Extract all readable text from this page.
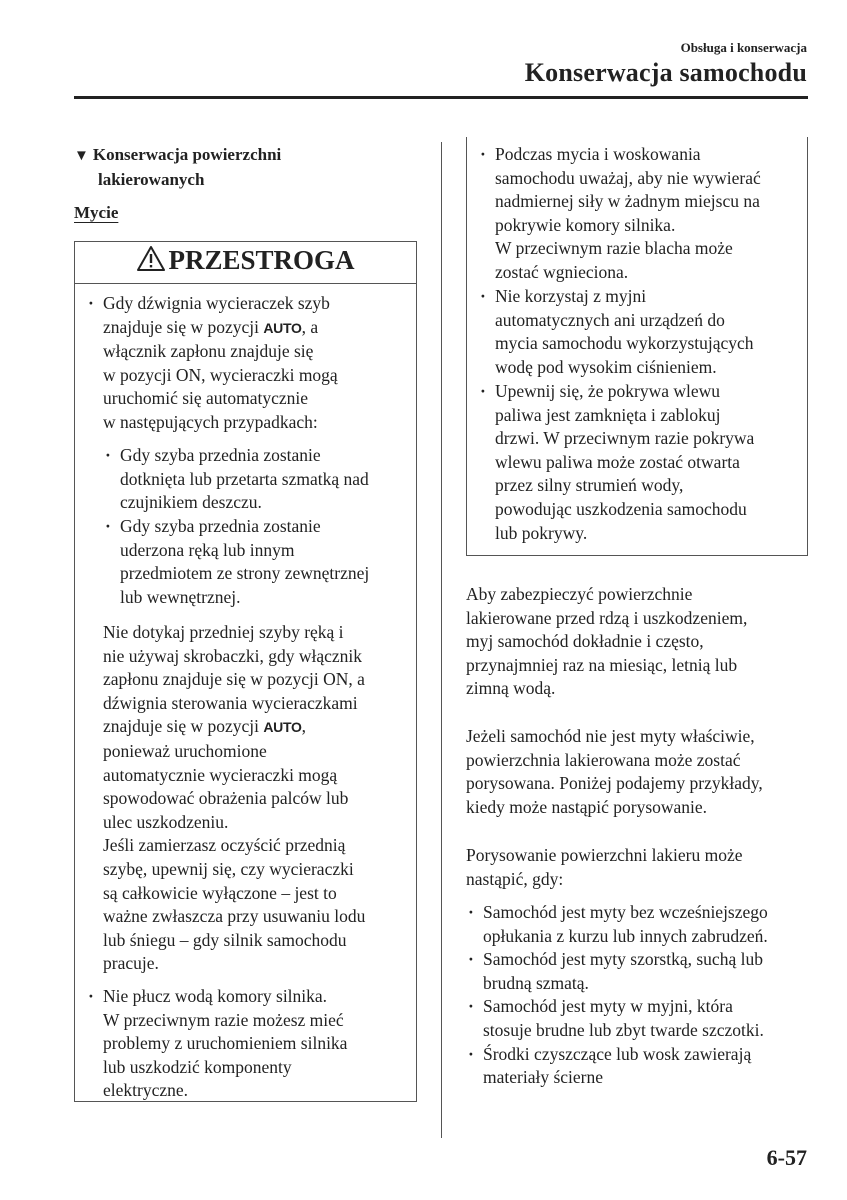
Obsługa i konserwacja
Konserwacja samochodu
▼ Konserwacja powierzchni
lakierowanych
Mycie
PRZESTROGA

· Gdy dźwignia wycieraczek szyb

znajduje się w pozycji AUTO, a

włącznik zapłonu znajduje się

w pozycji ON, wycieraczki mogą

uruchomić się automatycznie

w następujących przypadkach:

· Gdy szyba przednia zostanie

dotknięta lub przetarta szmatką nad

czujnikiem deszczu.

· Gdy szyba przednia zostanie

uderzona ręką lub innym

przedmiotem ze strony zewnętrznej

lub wewnętrznej.

Nie dotykaj przedniej szyby ręką i

nie używaj skrobaczki, gdy włącznik

zapłonu znajduje się w pozycji ON, a

dźwignia sterowania wycieraczkami

znajduje się w pozycji AUTO,

ponieważ uruchomione

automatycznie wycieraczki mogą

spowodować obrażenia palców lub

ulec uszkodzeniu.

Jeśli zamierzasz oczyścić przednią

szybę, upewnij się, czy wycieraczki

są całkowicie wyłączone – jest to

ważne zwłaszcza przy usuwaniu lodu

lub śniegu – gdy silnik samochodu

pracuje.

· Nie płucz wodą komory silnika.

W przeciwnym razie możesz mieć

problemy z uruchomieniem silnika

lub uszkodzić komponenty

elektryczne.

· Podczas mycia i woskowania

samochodu uważaj, aby nie wywierać

nadmiernej siły w żadnym miejscu na

pokrywie komory silnika.

W przeciwnym razie blacha może

zostać wgnieciona.

· Nie korzystaj z myjni

automatycznych ani urządzeń do

mycia samochodu wykorzystujących

wodę pod wysokim ciśnieniem.

· Upewnij się, że pokrywa wlewu

paliwa jest zamknięta i zablokuj

drzwi. W przeciwnym razie pokrywa

wlewu paliwa może zostać otwarta

przez silny strumień wody,

powodując uszkodzenia samochodu

lub pokrywy.

Aby zabezpieczyć powierzchnie

lakierowane przed rdzą i uszkodzeniem,

myj samochód dokładnie i często,

przynajmniej raz na miesiąc, letnią lub

zimną wodą.

Jeżeli samochód nie jest myty właściwie,

powierzchnia lakierowana może zostać

porysowana. Poniżej podajemy przykłady,

kiedy może nastąpić porysowanie.

Porysowanie powierzchni lakieru może

nastąpić, gdy:

· Samochód jest myty bez wcześniejszego

opłukania z kurzu lub innych zabrudzeń.

· Samochód jest myty szorstką, suchą lub

brudną szmatą.

· Samochód jest myty w myjni, która

stosuje brudne lub zbyt twarde szczotki.

· Środki czyszczące lub wosk zawierają

materiały ścierne

6-57
